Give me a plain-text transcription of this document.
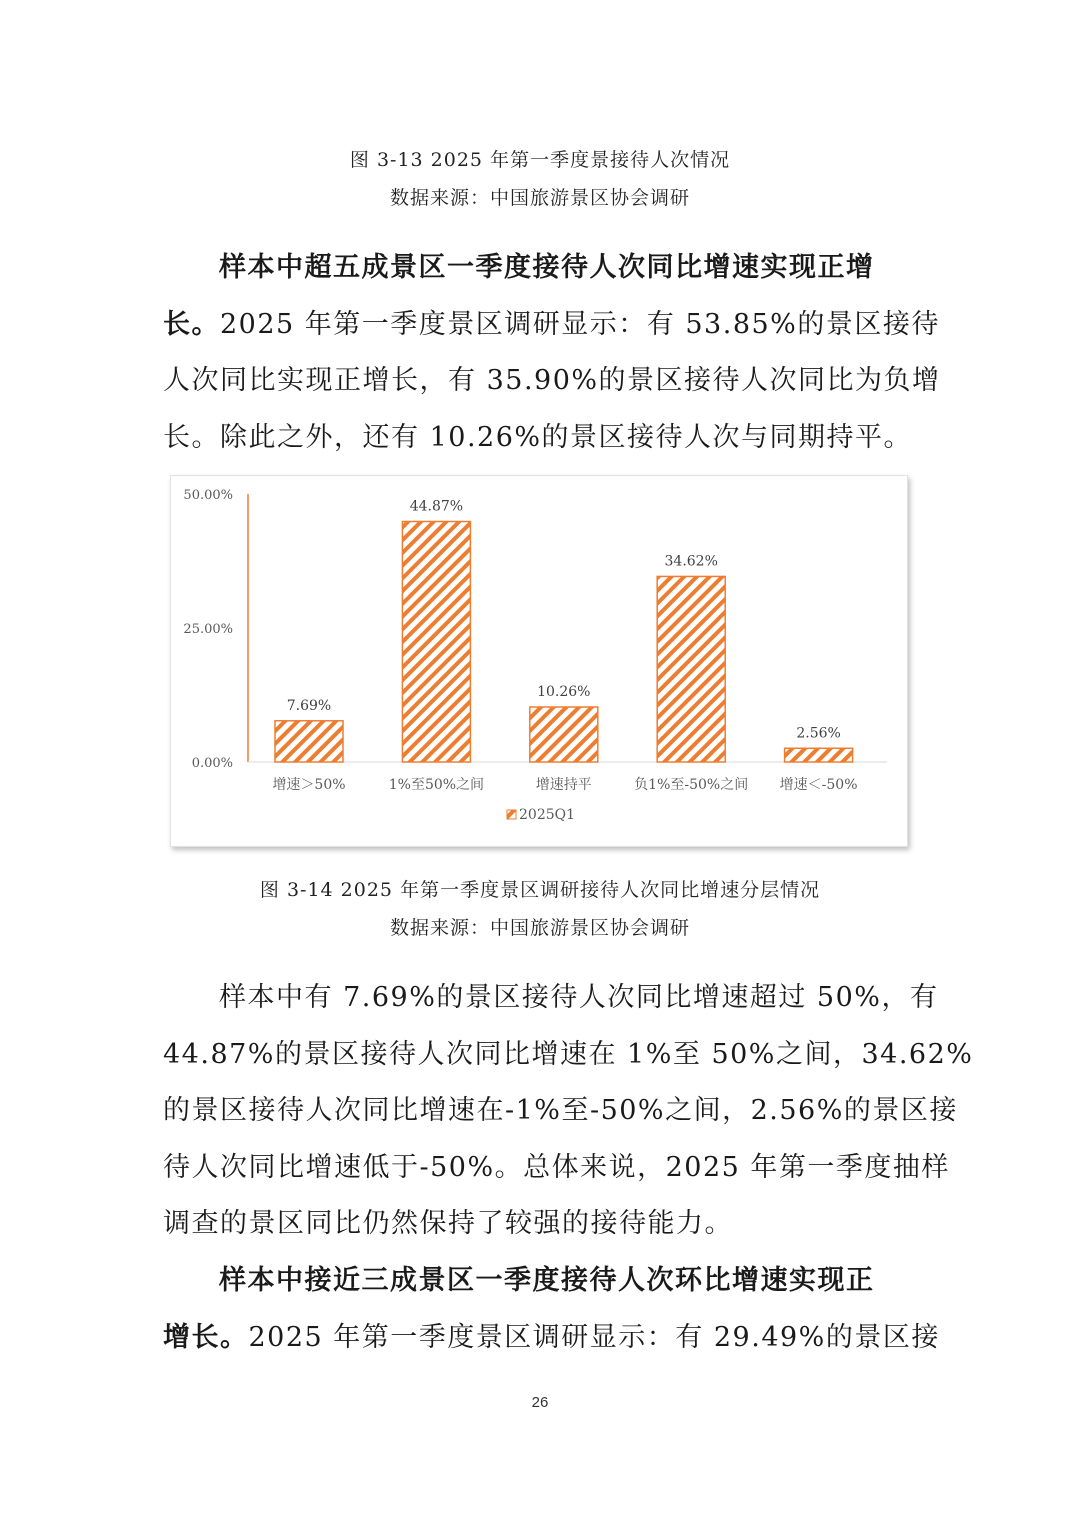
图 3-13 2025 年第一季度景接待人次情况
数据来源：中国旅游景区协会调研
样本中超五成景区一季度接待人次同比增速实现正增
长。2025 年第一季度景区调研显示：有 53.85%的景区接待
人次同比实现正增长，有 35.90%的景区接待人次同比为负增
长。除此之外，还有 10.26%的景区接待人次与同期持平。
0.00%
25.00%
50.00%
7.69%
增速＞50%
44.87%
1%至50%之间
10.26%
增速持平
34.62%
负1%至-50%之间
2.56%
增速＜-50%
2025Q1
图 3-14 2025 年第一季度景区调研接待人次同比增速分层情况
数据来源：中国旅游景区协会调研
样本中有 7.69%的景区接待人次同比增速超过 50%，有
44.87%的景区接待人次同比增速在 1%至 50%之间，34.62%
的景区接待人次同比增速在-1%至-50%之间，2.56%的景区接
待人次同比增速低于-50%。总体来说，2025 年第一季度抽样
调查的景区同比仍然保持了较强的接待能力。
样本中接近三成景区一季度接待人次环比增速实现正
增长。2025 年第一季度景区调研显示：有 29.49%的景区接
26
